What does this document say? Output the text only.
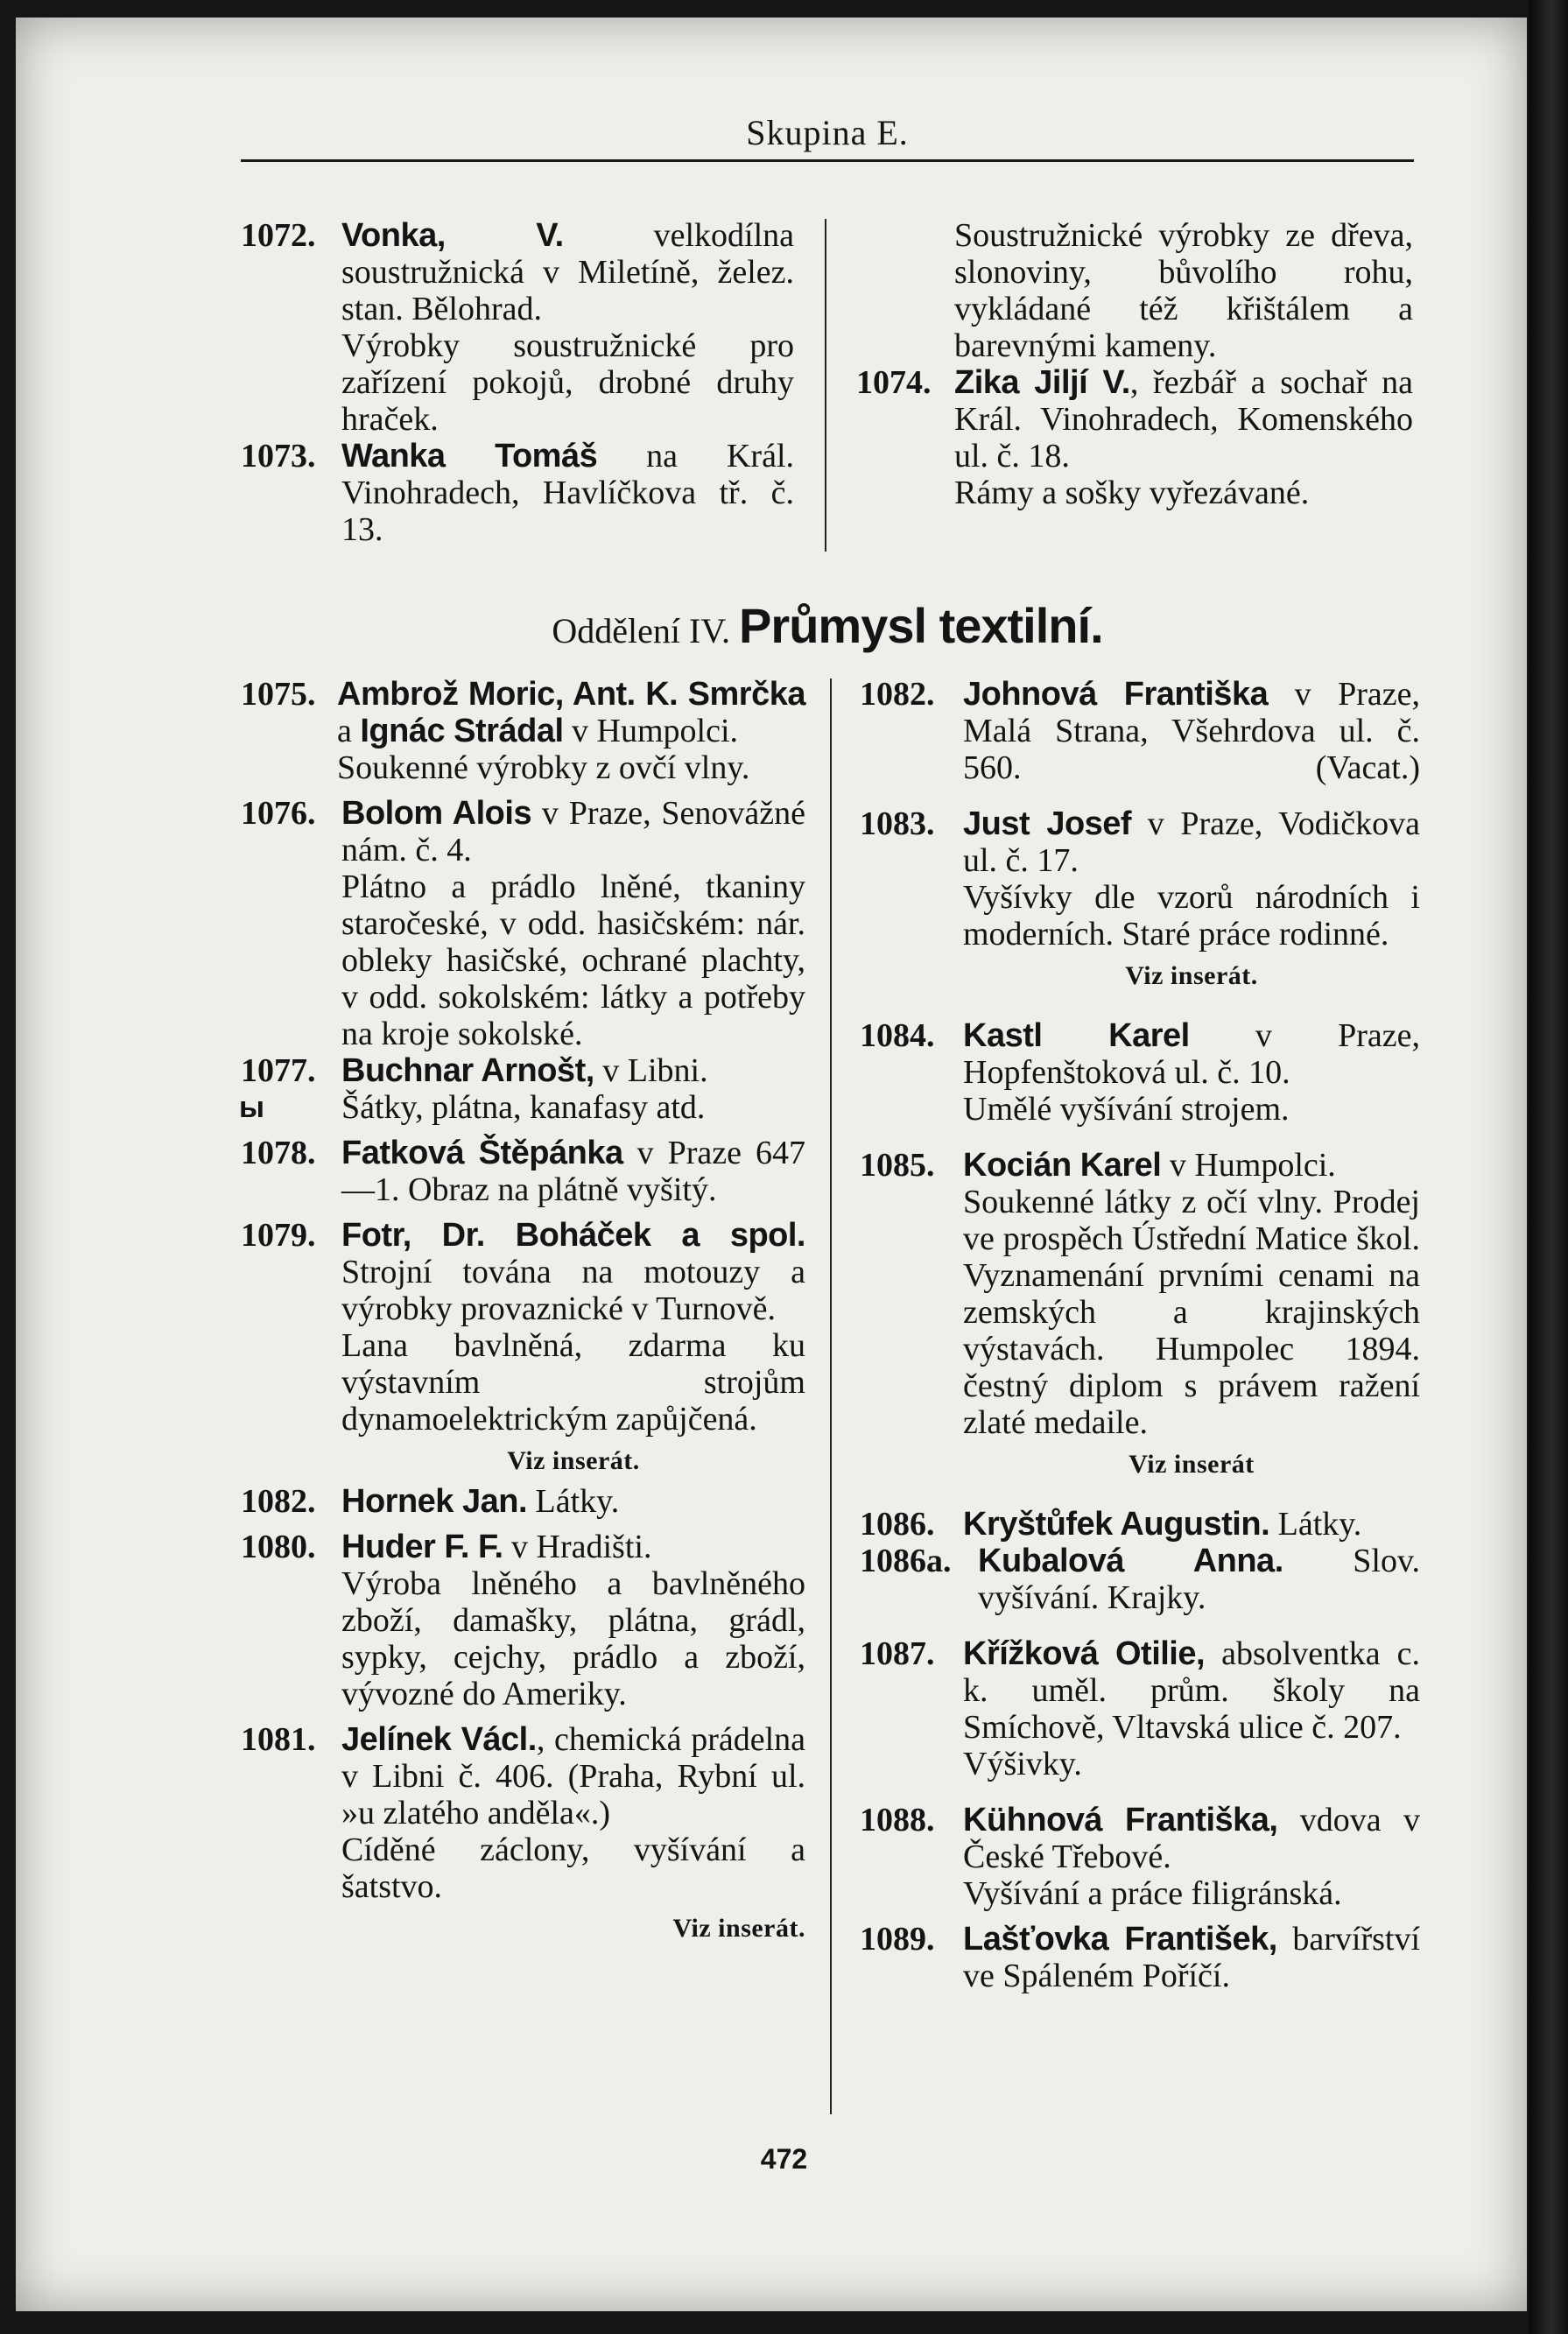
Skupina E.
1072. Vonka, V.	velkodílna soustružnická v Miletíně, želez. stan. Bělohrad.
Výrobky soustružnické pro zařízení pokojů, drobné druhy hraček.
1073. Wanka Tomáš na Král. Vinohradech, Havlíčkova tř. č. 13.
Soustružnické výrobky ze dřeva, slonoviny, bůvolího rohu, vykládané též křištálem a barevnými kameny.
1074. Zika Jiljí V., řezbář a sochař na Král. Vinohradech, Komenského ul. č. 18.
Rámy a sošky vyřezávané.
Oddělení IV. Průmysl textilní.
1075. Ambrož Moric, Ant. K. Smrčka a Ignác Strádal v Humpolci.
Soukenné výrobky z ovčí vlny.
1076. Bolom Alois v Praze, Senovážné nám. č. 4.
Plátno a prádlo lněné, tkaniny staročeské, v odd. hasičském: nár. obleky hasičské, ochrané plachty, v odd. sokolském: látky a potřeby na kroje sokolské.
1077. Buchnar Arnošt, v Libni.
Šátky, plátna, kanafasy atd.
ы
1078. Fatková Štěpánka v Praze 647—1. Obraz na plátně vyšitý.
1079. Fotr, Dr. Boháček a spol. Strojní tována na motouzy a výrobky provaznické v Turnově.
Lana bavlněná, zdarma ku výstavním strojům dynamoelektrickým zapůjčená.
Viz inserát.
1082. Hornek Jan. Látky.
1080. Huder F. F. v Hradišti.
Výroba lněného a bavlněného zboží, damašky, plátna, grádl, sypky, cejchy, prádlo a zboží, vývozné do Ameriky.
1081. Jelínek Václ., chemická prádelna v Libni č. 406. (Praha, Rybní ul. »u zlatého anděla«.)
Cíděné záclony, vyšívání a šatstvo.
Viz inserát.
1082. Johnová Františka v Praze, Malá Strana, Všehrdova ul. č. 560.	(Vacat.)
1083. Just Josef v Praze, Vodičkova ul. č. 17.
Vyšívky dle vzorů národních i moderních. Staré práce rodinné.
Viz inserát.
1084. Kastl Karel v Praze, Hopfenštoková ul. č. 10.
Umělé vyšívání strojem.
1085. Kocián Karel v Humpolci.
Soukenné látky z očí vlny. Prodej ve prospěch Ústřední Matice škol. Vyznamenání prvními cenami na zemských a krajinských výstavách. Humpolec 1894. čestný diplom s právem ražení zlaté medaile.
Viz inserát
1086. Kryštůfek Augustin. Látky.
1086a. Kubalová Anna. Slov. vyšívání. Krajky.
1087. Křížková Otilie, absolventka c. k. uměl. prům. školy na Smíchově, Vltavská ulice č. 207.
Výšivky.
1088. Kühnová Františka, vdova v České Třebové.
Vyšívání a práce filigránská.
1089. Lašťovka František, barvířství ve Spáleném Poříčí.
472
